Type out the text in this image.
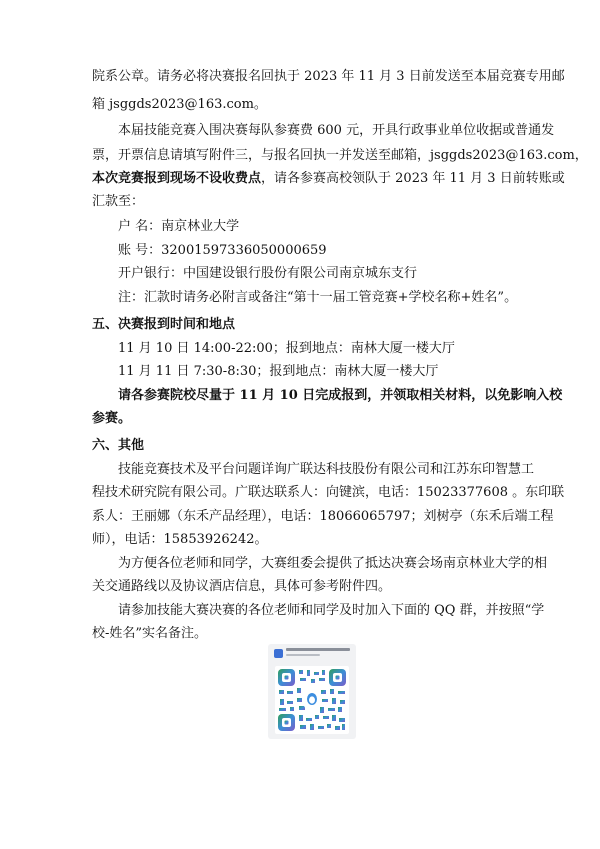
院系公章。请务必将决赛报名回执于 2023 年 11 月 3 日前发送至本届竞赛专用邮
箱 jsggds2023@163.com。
本届技能竞赛入围决赛每队参赛费 600 元，开具行政事业单位收据或普通发
票，开票信息请填写附件三，与报名回执一并发送至邮箱，jsggds2023@163.com，
本次竞赛报到现场不设收费点，请各参赛高校领队于 2023 年 11 月 3 日前转账或
汇款至：
户 名：南京林业大学
账 号：32001597336050000659
开户银行：中国建设银行股份有限公司南京城东支行
注：汇款时请务必附言或备注“第十一届工管竞赛+学校名称+姓名”。
五、决赛报到时间和地点
11 月 10 日 14:00-22:00；报到地点：南林大厦一楼大厅
11 月 11 日 7:30-8:30；报到地点：南林大厦一楼大厅
请各参赛院校尽量于 11 月 10 日完成报到，并领取相关材料，以免影响入校
参赛。
六、其他
技能竞赛技术及平台问题详询广联达科技股份有限公司和江苏东印智慧工
程技术研究院有限公司。广联达联系人：向键滨，电话：15023377608 。东印联
系人：王丽娜（东禾产品经理），电话：18066065797；刘树亭（东禾后端工程
师），电话：15853926242。
为方便各位老师和同学，大赛组委会提供了抵达决赛会场南京林业大学的相
关交通路线以及协议酒店信息，具体可参考附件四。
请参加技能大赛决赛的各位老师和同学及时加入下面的 QQ 群，并按照“学
校-姓名”实名备注。
